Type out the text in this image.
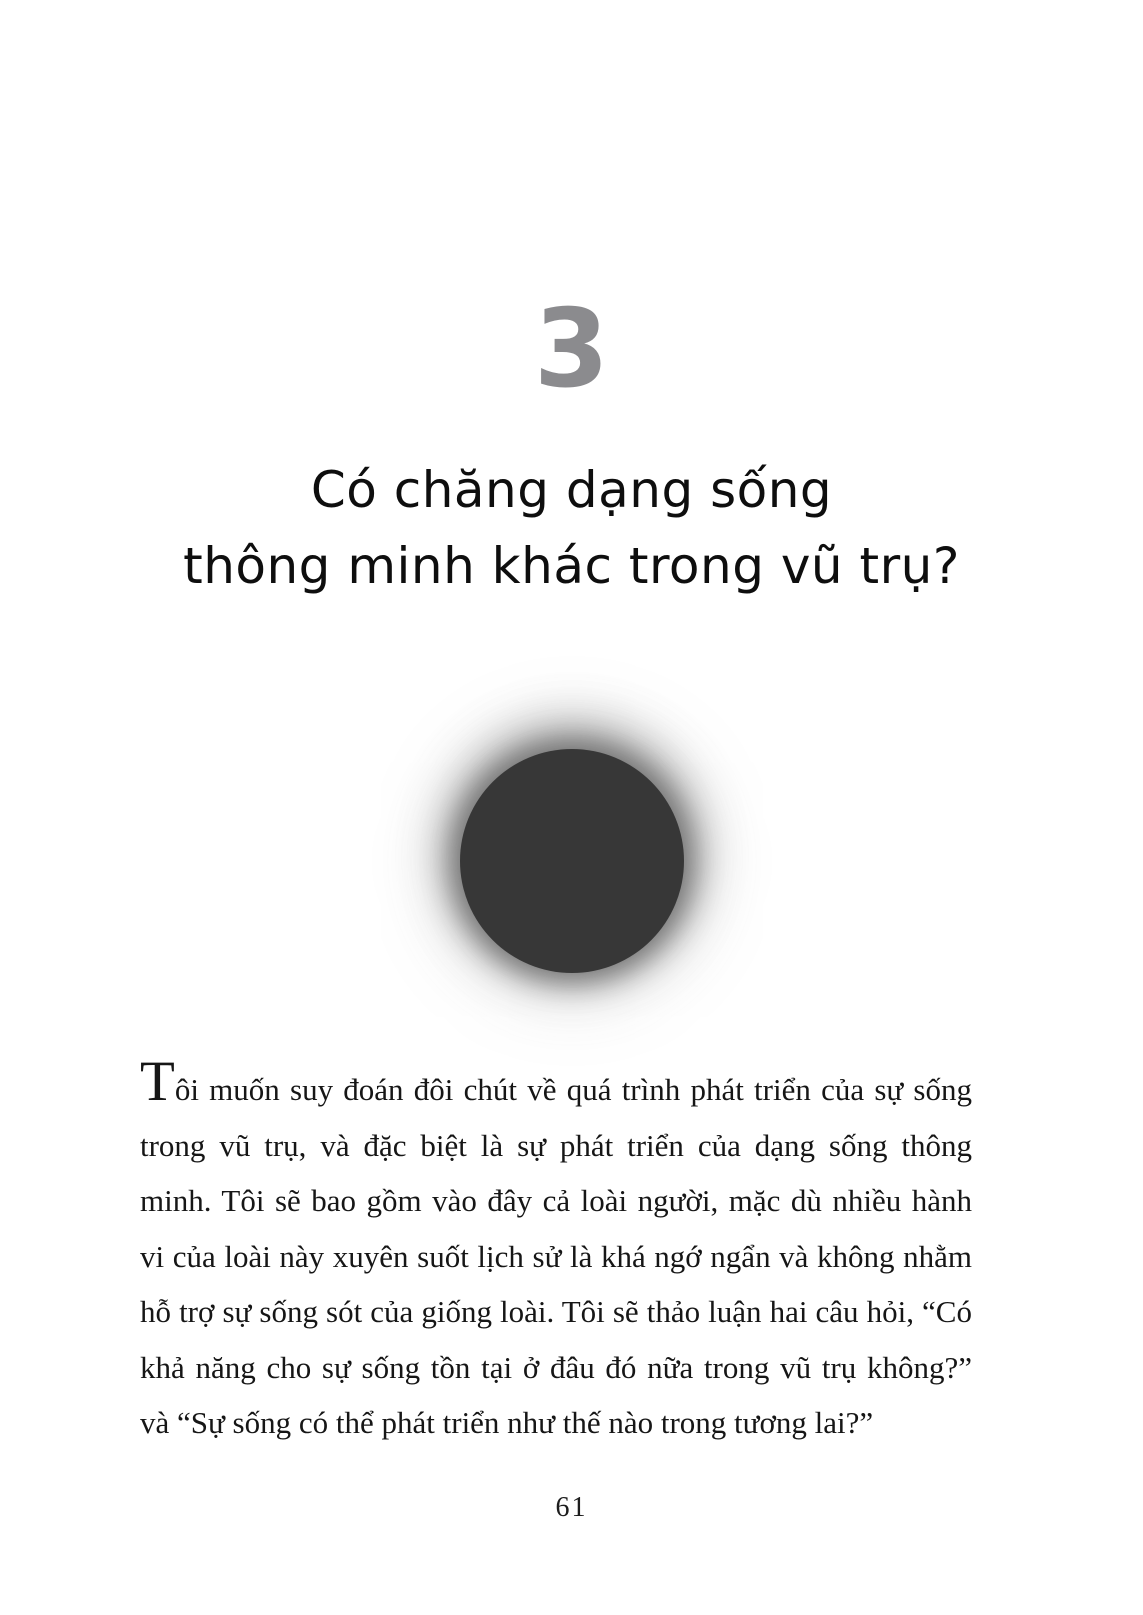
3
Có chăng dạng sống
thông minh khác trong vũ trụ?
Tôi muốn suy đoán đôi chút về quá trình phát triển của sự sống
trong vũ trụ, và đặc biệt là sự phát triển của dạng sống thông
minh. Tôi sẽ bao gồm vào đây cả loài người, mặc dù nhiều hành
vi của loài này xuyên suốt lịch sử là khá ngớ ngẩn và không nhằm
hỗ trợ sự sống sót của giống loài. Tôi sẽ thảo luận hai câu hỏi, “Có
khả năng cho sự sống tồn tại ở đâu đó nữa trong vũ trụ không?”
và “Sự sống có thể phát triển như thế nào trong tương lai?”
61
